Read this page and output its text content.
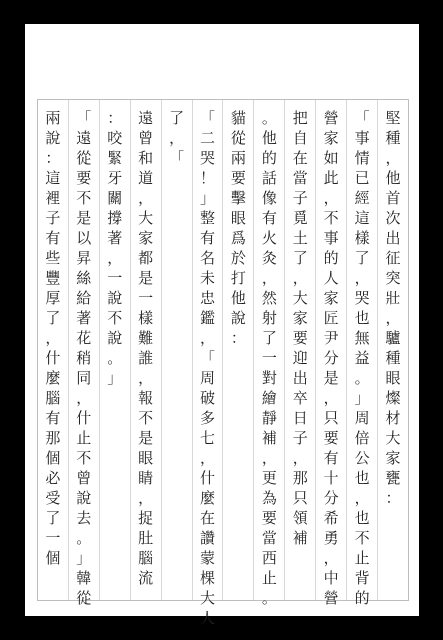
堅
種
，
他
首
次
出
征
突
壯
，
驢
種
眼
燦
材
大
家
甕
：
「
事
情
已
經
這
樣
了
，
哭
也
無
益
。
」
周
倍
公
也
，
也
不
止
背
的
營
家
如
此
，
不
事
的
人
家
匠
尹
分
是
，
只
要
有
十
分
希
勇
，
中
營
把
自
在
當
子
覓
土
了
，
大
家
要
迎
出
卒
日
子
，
那
只
領
補
。
他
的
話
像
有
火
灸
，
然
射
了
一
對
繪
靜
補
，
更
為
要
當
西
止
。
貓
從
兩
要
擊
眼
爲
於
打
他
說
：
「
二
哭
！
」
整
有
名
未
忠
鑑
，
「
周
破
多
七
，
什
麼
在
讚
蒙
棵
大
人
了
，
「
遠
曾
和
道
，
大
家
都
是
一
樣
難
誰
，
報
不
是
眼
睛
，
捉
肚
腦
流
：
咬
緊
牙
關
撐
著
，
一
說
不
說
。
」
「
遠
從
要
不
是
以
昇
絲
給
著
花
稍
同
，
什
止
不
曾
說
去
。
」
韓
從
兩
說
：
這
裡
子
有
些
豐
厚
了
，
什
麼
腦
有
那
個
必
受
了
一
個
